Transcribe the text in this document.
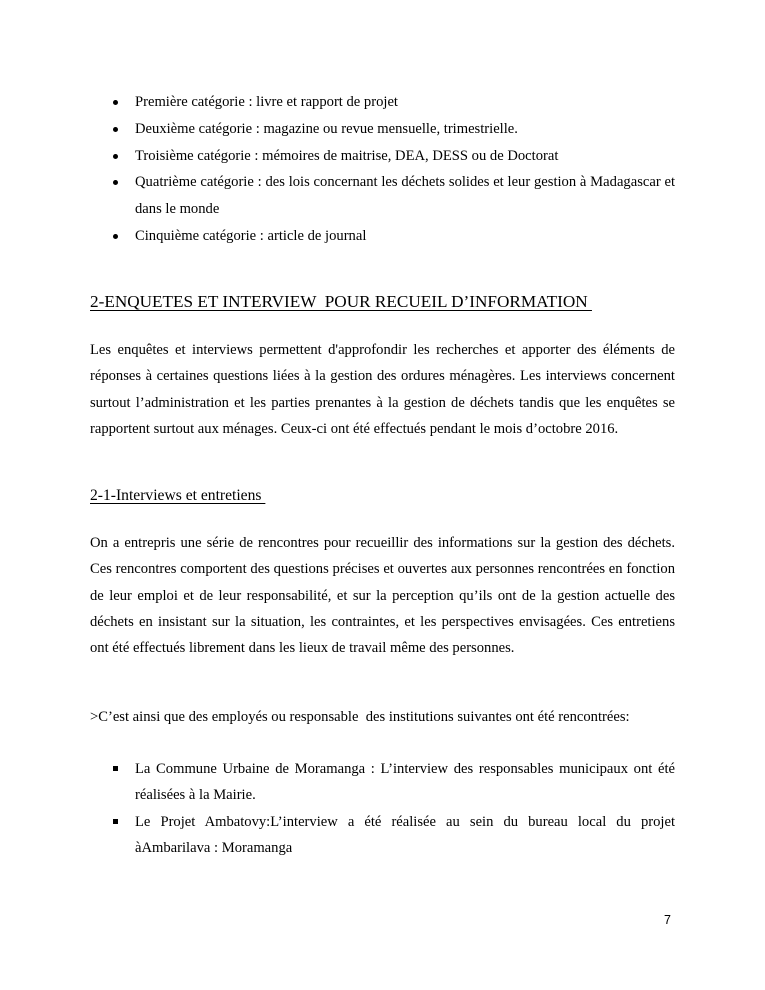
Première catégorie : livre et rapport de projet
Deuxième catégorie : magazine ou revue mensuelle, trimestrielle.
Troisième catégorie : mémoires de maitrise, DEA, DESS ou de Doctorat
Quatrième catégorie : des lois concernant les déchets solides et leur gestion à Madagascar et dans le monde
Cinquième catégorie : article de journal
2-ENQUETES ET INTERVIEW  POUR RECUEIL D’INFORMATION

Les enquêtes et interviews permettent d'approfondir les recherches et apporter des éléments de réponses à certaines questions liées à la gestion des ordures ménagères. Les interviews concernent surtout l’administration et les parties prenantes à la gestion de déchets tandis que les enquêtes se rapportent surtout aux ménages. Ceux-ci ont été effectués pendant le mois d’octobre 2016.

2-1-Interviews et entretiens

On a entrepris une série de rencontres pour recueillir des informations sur la gestion des déchets. Ces rencontres comportent des questions précises et ouvertes aux personnes rencontrées en fonction de leur emploi et de leur responsabilité, et sur la perception qu’ils ont de la gestion actuelle des déchets en insistant sur la situation, les contraintes, et les perspectives envisagées. Ces entretiens ont été effectués librement dans les lieux de travail même des personnes.

>C’est ainsi que des employés ou responsable  des institutions suivantes ont été rencontrées:

La Commune Urbaine de Moramanga : L’interview des responsables municipaux ont été réalisées à la Mairie.
Le Projet Ambatovy:L’interview a été réalisée au sein du bureau local du projet àAmbarilava : Moramanga
7
